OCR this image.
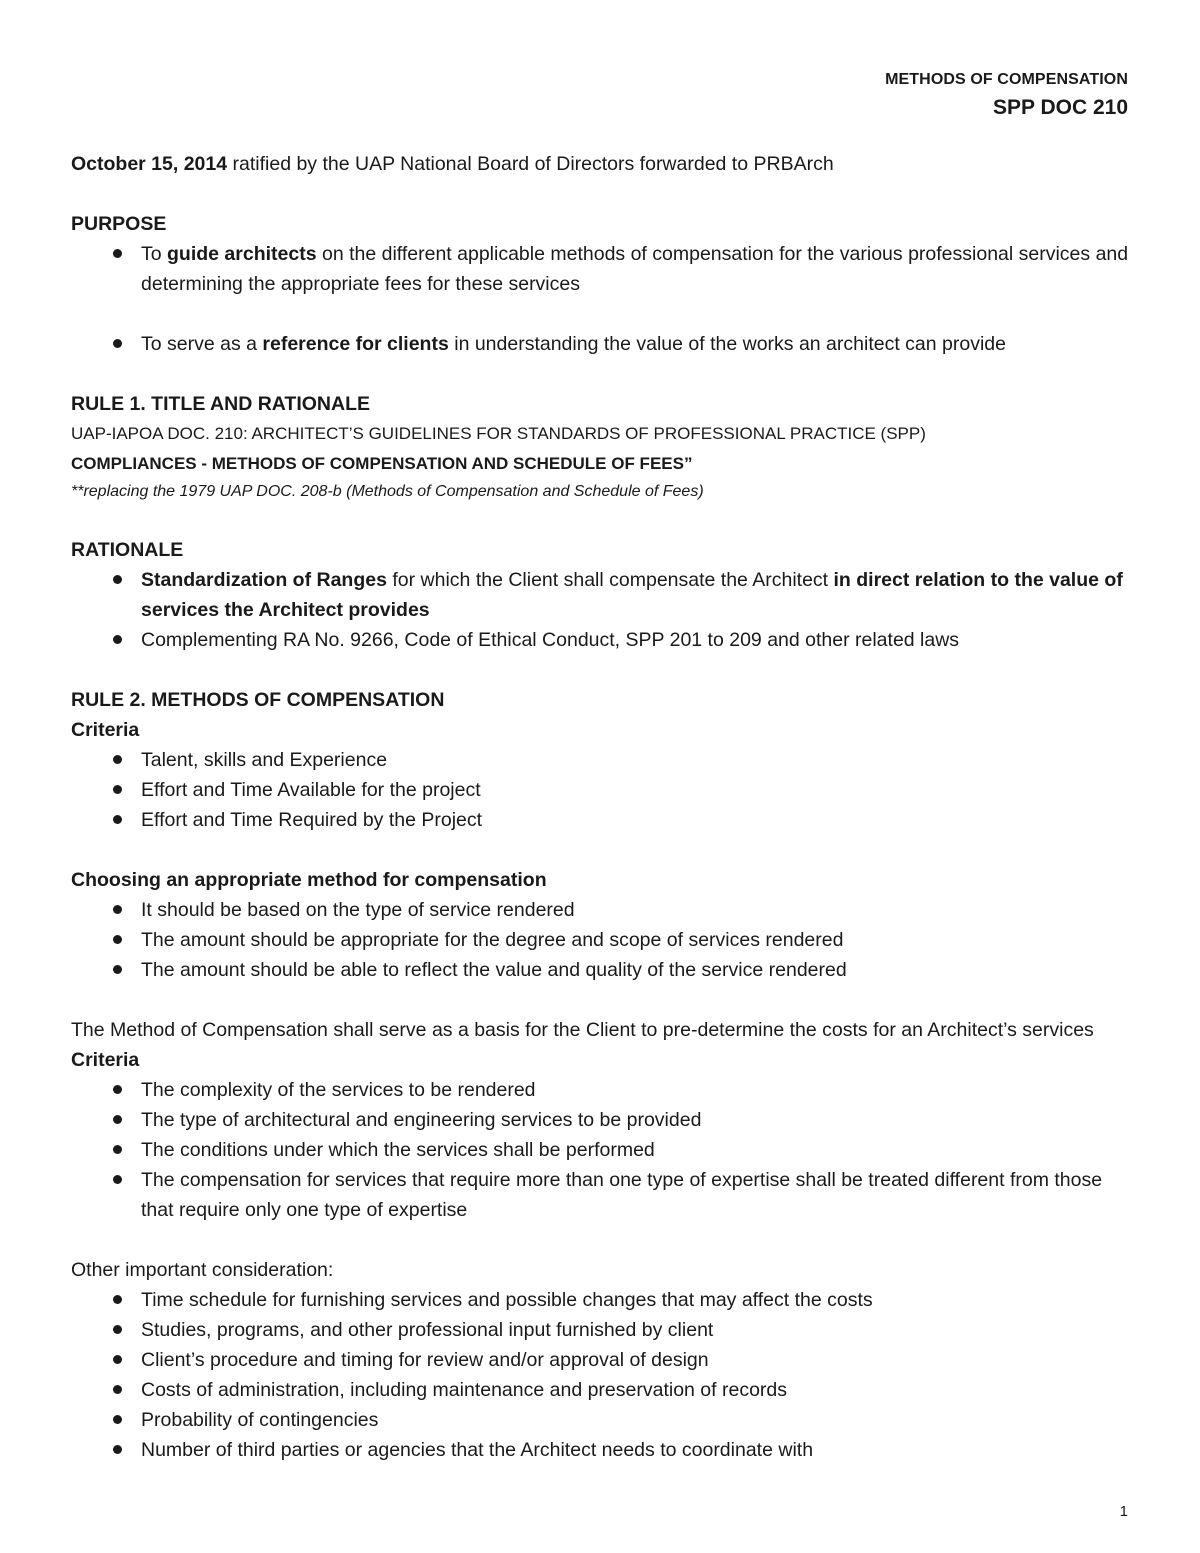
METHODS OF COMPENSATION
SPP DOC 210

October 15, 2014 ratified by the UAP National Board of Directors forwarded to PRBArch

PURPOSE

To guide architects on the different applicable methods of compensation for the various professional services and determining the appropriate fees for these services
To serve as a reference for clients in understanding the value of the works an architect can provide

RULE 1. TITLE AND RATIONALE

UAP-IAPOA DOC. 210: ARCHITECT’S GUIDELINES FOR STANDARDS OF PROFESSIONAL PRACTICE (SPP)

COMPLIANCES - METHODS OF COMPENSATION AND SCHEDULE OF FEES”

**replacing the 1979 UAP DOC. 208-b (Methods of Compensation and Schedule of Fees)

RATIONALE

Standardization of Ranges for which the Client shall compensate the Architect in direct relation to the value of services the Architect provides
Complementing RA No. 9266, Code of Ethical Conduct, SPP 201 to 209 and other related laws

RULE 2. METHODS OF COMPENSATION

Criteria

Talent, skills and Experience
Effort and Time Available for the project
Effort and Time Required by the Project

Choosing an appropriate method for compensation

It should be based on the type of service rendered
The amount should be appropriate for the degree and scope of services rendered
The amount should be able to reflect the value and quality of the service rendered

The Method of Compensation shall serve as a basis for the Client to pre-determine the costs for an Architect’s services

Criteria

The complexity of the services to be rendered
The type of architectural and engineering services to be provided
The conditions under which the services shall be performed
The compensation for services that require more than one type of expertise shall be treated different from those that require only one type of expertise

Other important consideration:

Time schedule for furnishing services and possible changes that may affect the costs
Studies, programs, and other professional input furnished by client
Client’s procedure and timing for review and/or approval of design
Costs of administration, including maintenance and preservation of records
Probability of contingencies
Number of third parties or agencies that the Architect needs to coordinate with
1
